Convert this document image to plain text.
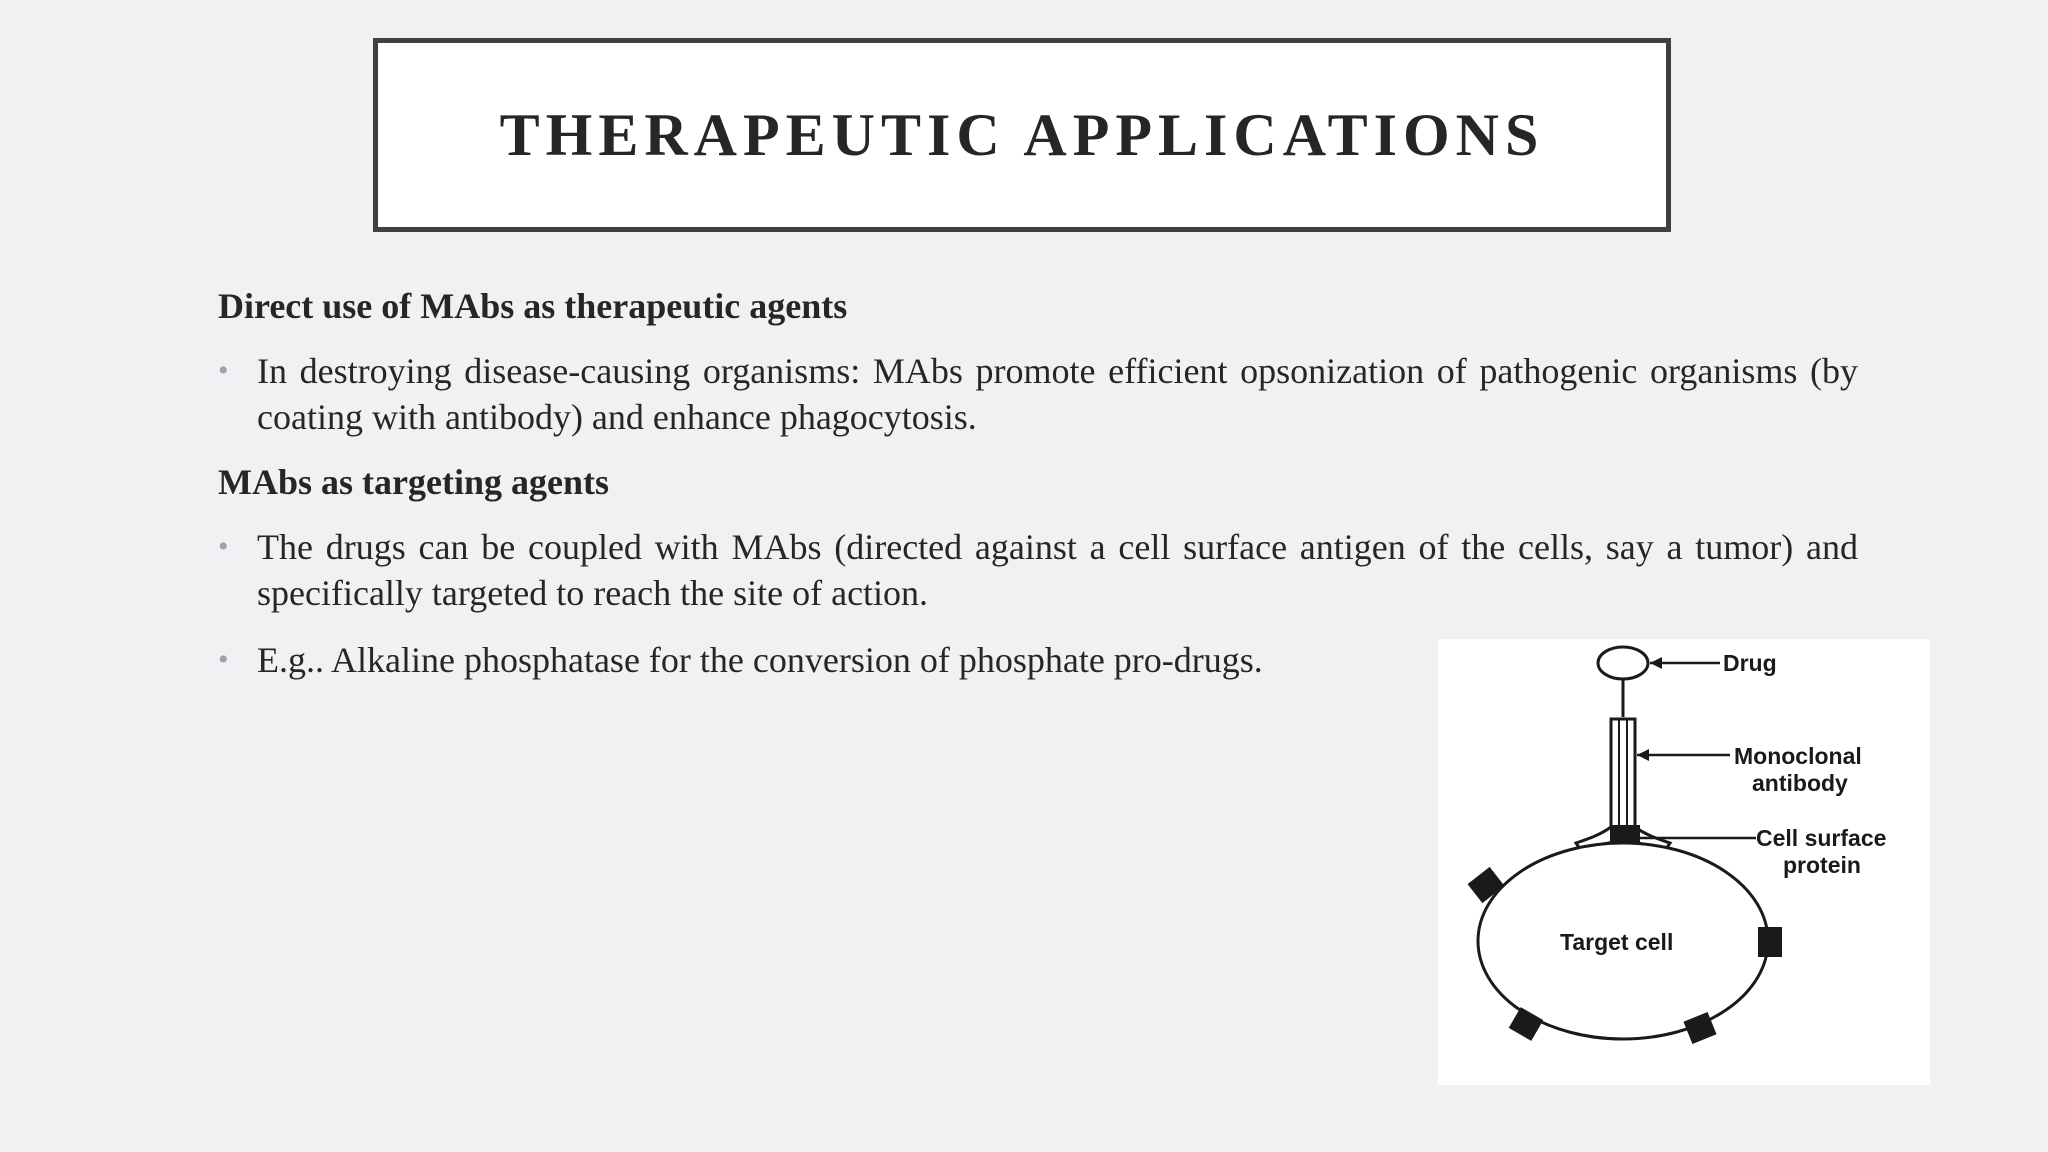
THERAPEUTIC APPLICATIONS

Direct use of MAbs as therapeutic agents

• In destroying disease-causing organisms: MAbs promote efficient opsonization of pathogenic organisms (by coating with antibody) and enhance phagocytosis.

MAbs as targeting agents

• The drugs can be coupled with MAbs (directed against a cell surface antigen of the cells, say a tumor) and specifically targeted to reach the site of action.
• E.g.. Alkaline phosphatase for the conversion of phosphate pro-drugs.	Drug
Monoclonal
antibody
Cell surface
protein
Target cell
